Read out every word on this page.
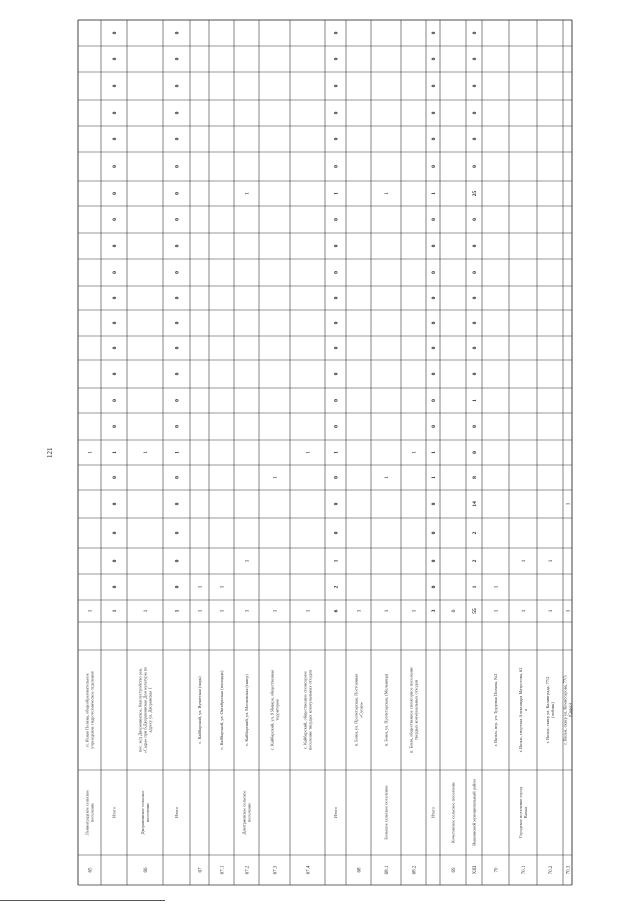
121
65
Ленинградское сельское поселение
п. Ясная Поляна, общеобразовательное учреждение гидротехническое отделения
1
1
Итого
1
0
0
0
0
0
1
0
0
0
0
0
0
0
0
0
0
0
0
0
0
0
0
66
Дворянинское сельское поселение
пос. ж/д Дворянинское, благоустройство рек. «Сады» при б.Дворянинская Дом культуры по адресу ул. Дворянская 1
1
1
Итого
1
0
0
0
0
0
1
0
0
0
0
0
0
0
0
0
0
0
0
0
0
0
0
67
с. Кайбарский, ул. Вунятская (парк)
1
1
67.1
с. Кайбарский, ул. Октябрьская (площадь)
1
1
67.2
Дмитриевское сельское поселение
с. Кайбарский, ул. Московская (сквер)
1
1
1
67.3
с. Кайбарский, ул. 9 Января, общественная территория
1
1
67.4
с. Кайбарский, общественное спонсорное поселение твердых коммунальных отходов
1
1
Итого
6
2
1
0
0
0
1
0
0
0
0
0
0
0
0
0
1
0
0
0
0
0
0
68
п. Бони, ул. Пролетарская, Постоянная «Сусан»
1
68.1
Большое сельское поселение
п. Бони, ул. Пролетарская, (Мельница)
1
1
1
68.2
п. Бони, общественное спонсорное поселение твердых коммунальных отходов
1
1
Итого
3
0
0
0
0
1
1
0
0
0
0
0
0
0
0
0
1
0
0
0
0
0
0
69
Кочетовское сельское поселение
0
XIII
Вышинский муниципальный район
55
1
2
2
14
8
0
0
1
0
0
0
0
0
0
0
25
0
0
0
0
0
0
70
г. Вязьм, пер. ул. Трудовая Поляна, №2
1
1
70.1
Городское поселение город Вязьм
г. Вязьм, спортзал Александра Матросова, 62 а
1
1
70.2
г. Вязьм, сквер ул. Калинграда, 77/2 (лобзик)
1
1
70.3
г. Вязьм, сквер ул. Комиссарова, 77/3 (Сквер)
1
1
